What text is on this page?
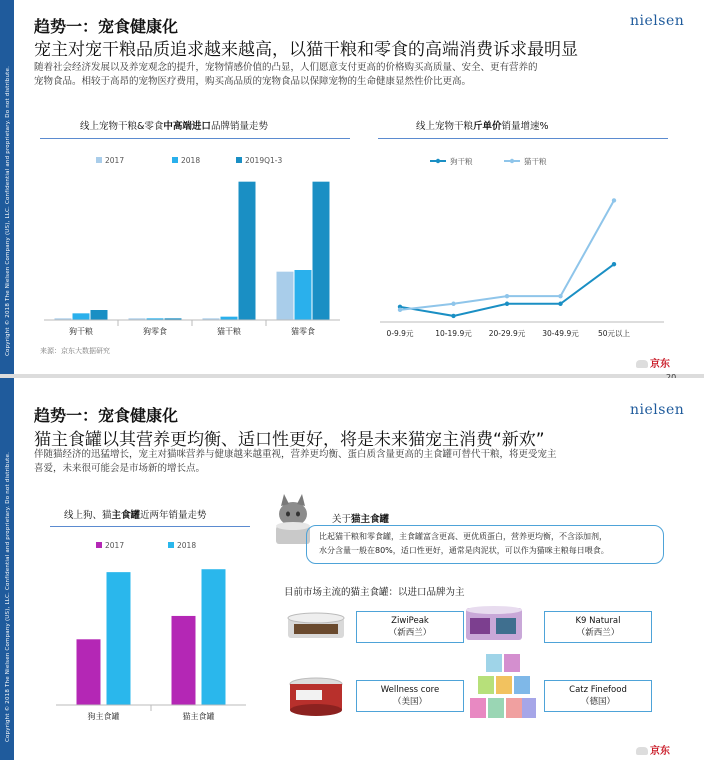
Copyright © 2018 The Nielsen Company (US), LLC. Confidential and proprietary. Do not distribute.
趋势一：宠食健康化	nielsen
宠主对宠干粮品质追求越来越高，以猫干粮和零食的高端消费诉求最明显
随着社会经济发展以及养宠观念的提升，宠物情感价值的凸显，人们愿意支付更高的价格购买高质量、安全、更有营养的
宠物食品。相较于高昂的宠物医疗费用，购买高品质的宠物食品以保障宠物的生命健康显然性价比更高。
线上宠物干粮&零食中高端进口品牌销量走势	线上宠物干粮斤单价销量增速%
2017	2018	2019Q1-3
狗干粮	狗零食	猫干粮	猫零食
狗干粮	猫干粮
0-9.9元	10-19.9元 20-29.9元 30-49.9元	50元以上
来源：京东大数据研究
京东
Copyright © 2018 The Nielsen Company (US), LLC. Confidential and proprietary. Do not distribute.
趋势一：宠食健康化	nielsen
猫主食罐以其营养更均衡、适口性更好，将是未来猫宠主消费“新欢”
伴随猫经济的迅猛增长，宠主对猫咪营养与健康越来越重视，营养更均衡、蛋白质含量更高的主食罐可替代干粮，将更受宠主
喜爱，未来很可能会是市场新的增长点。
京东
线上狗、猫主食罐近两年销量走势
2017	2018
狗主食罐	猫主食罐
关于猫主食罐
比起猫干粮和零食罐，主食罐富含更高、更优质蛋白，营养更均衡，不含添加剂，
水分含量一般在80%，适口性更好，通常是肉泥状，可以作为猫咪主粮每日喂食。
目前市场主流的猫主食罐：以进口品牌为主
ZiwiPeak
（新西兰）
K9 Natural
（新西兰）
Wellness core
（美国）
Catz Finefood
（德国）
